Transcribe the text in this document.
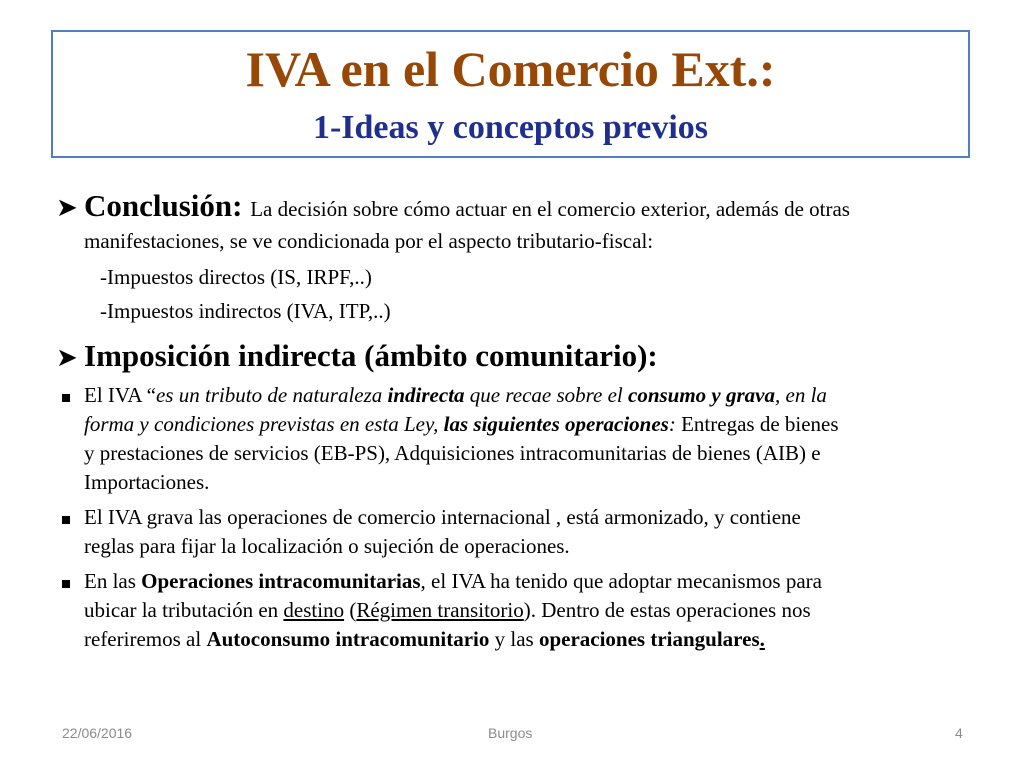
IVA en el Comercio Ext.:
1-Ideas y conceptos previos
➤ Conclusión: La decisión sobre cómo actuar en el comercio exterior, además de otras
manifestaciones, se ve condicionada por el aspecto tributario-fiscal:
-Impuestos directos (IS, IRPF,..)
-Impuestos indirectos (IVA, ITP,..)
➤ Imposición indirecta (ámbito comunitario):
El IVA “es un tributo de naturaleza indirecta que recae sobre el consumo y grava, en la
forma y condiciones previstas en esta Ley, las siguientes operaciones: Entregas de bienes
y prestaciones de servicios (EB-PS), Adquisiciones intracomunitarias de bienes (AIB) e
Importaciones.
El IVA grava las operaciones de comercio internacional , está armonizado, y contiene
reglas para fijar la localización o sujeción de operaciones.
En las Operaciones intracomunitarias, el IVA ha tenido que adoptar mecanismos para
ubicar la tributación en destino (Régimen transitorio). Dentro de estas operaciones nos
referiremos al Autoconsumo intracomunitario y las operaciones triangulares.
22/06/2016	Burgos	4
